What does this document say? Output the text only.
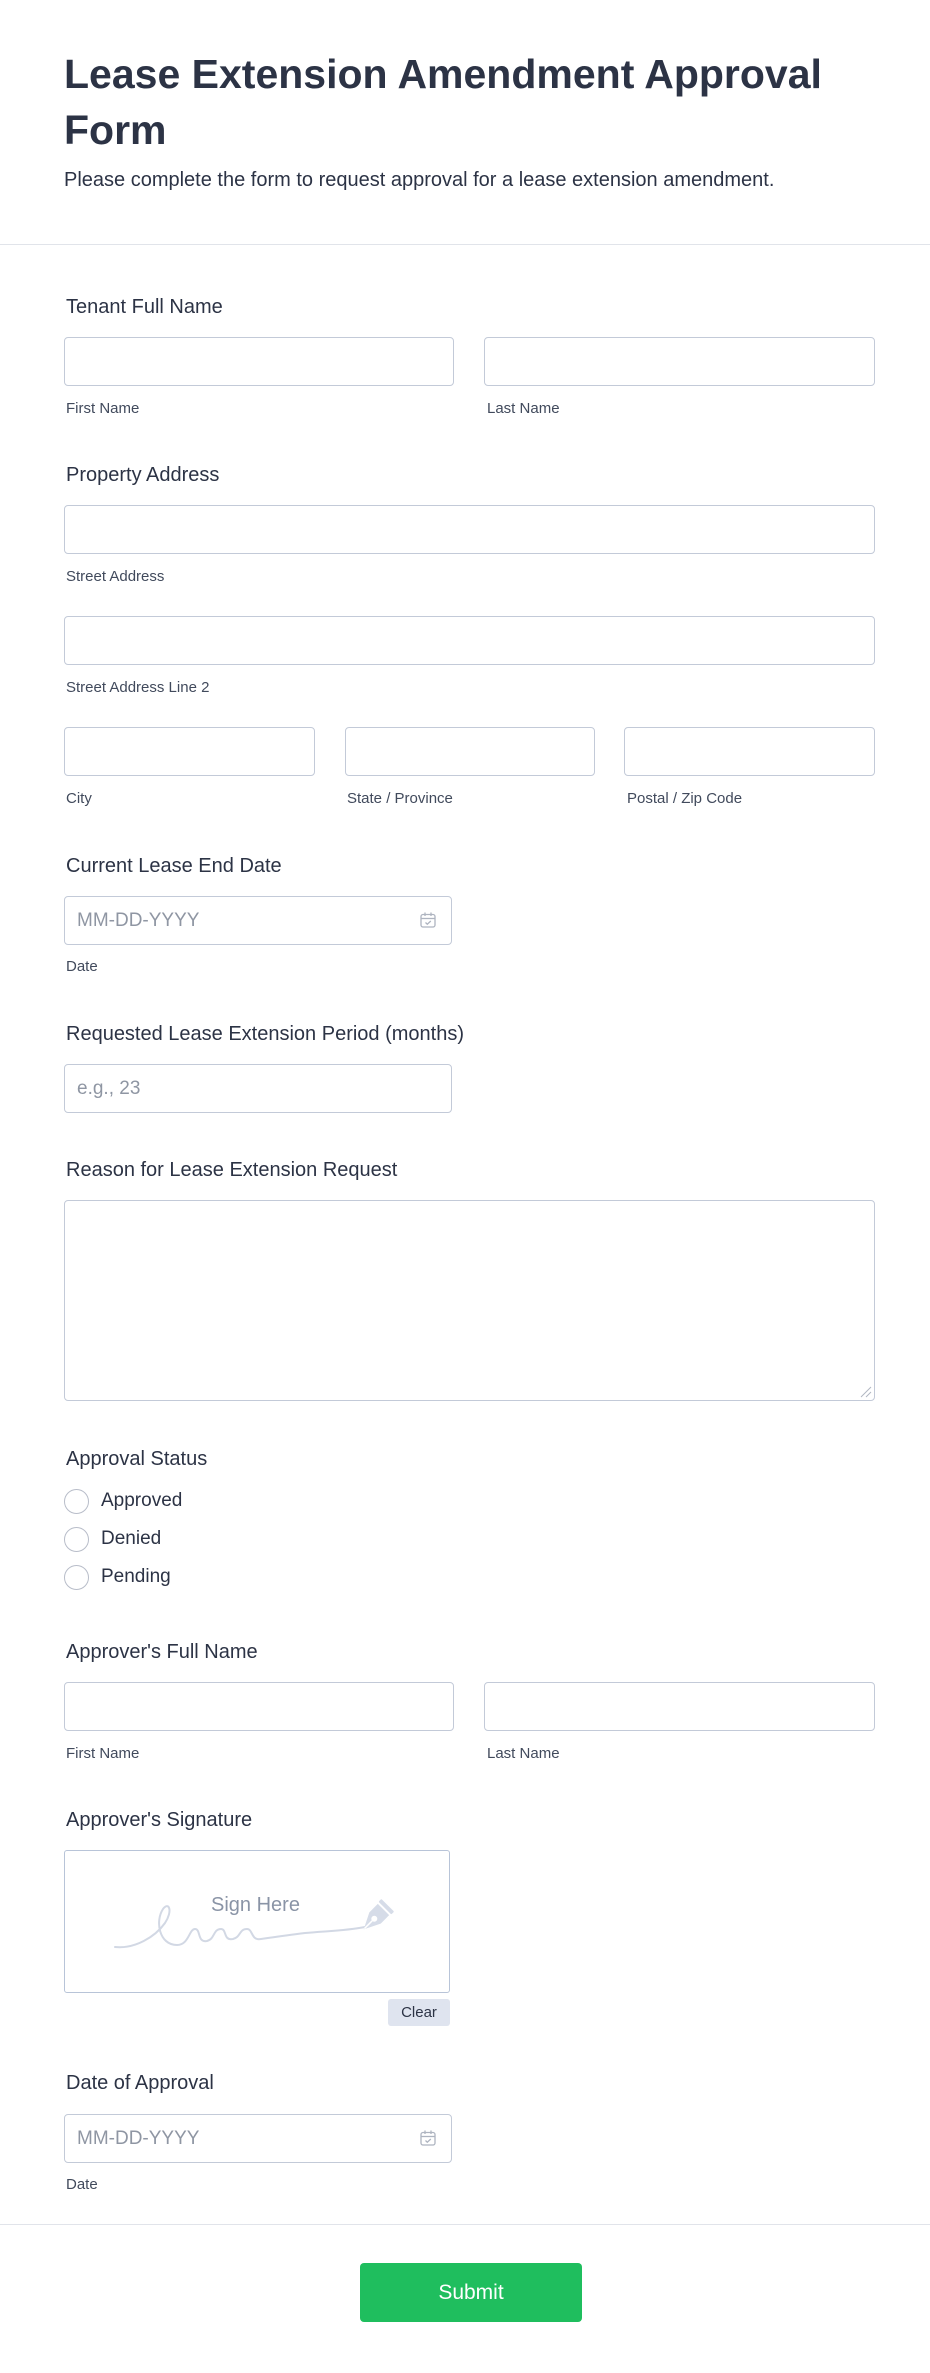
Lease Extension Amendment Approval Form

Please complete the form to request approval for a lease extension amendment.

Tenant Full Name
First Name	Last Name
Property Address
Street Address
Street Address Line 2
City	State / Province	Postal / Zip Code
Current Lease End Date
MM-DD-YYYY
Date
Requested Lease Extension Period (months)
e.g., 23
Reason for Lease Extension Request
Approval Status
Approved
Denied
Pending
Approver's Full Name
First Name	Last Name
Approver's Signature
Sign Here
Clear
Date of Approval
MM-DD-YYYY
Date
Submit
